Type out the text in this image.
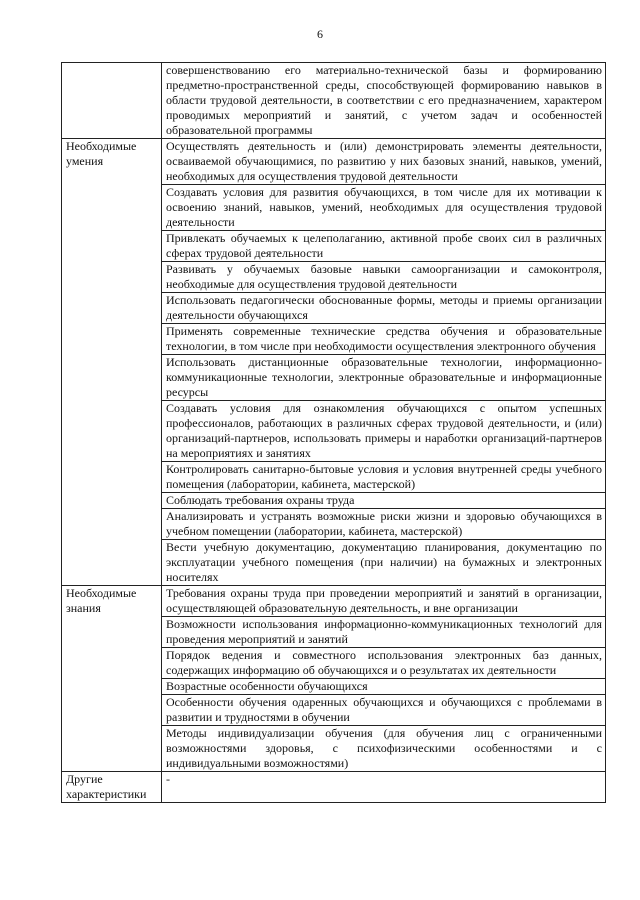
6

	совершенствованию его материально-технической базы и формированию предметно-пространственной среды, способствующей формированию навыков в области трудовой деятельности, в соответствии с его предназначением, характером проводимых мероприятий и занятий, с учетом задач и особенностей образовательной программы

Необходимые умения	Осуществлять деятельность и (или) демонстрировать элементы деятельности, осваиваемой обучающимися, по развитию у них базовых знаний, навыков, умений, необходимых для осуществления трудовой деятельности

	Создавать условия для развития обучающихся, в том числе для их мотивации к освоению знаний, навыков, умений, необходимых для осуществления трудовой деятельности

	Привлекать обучаемых к целеполаганию, активной пробе своих сил в различных сферах трудовой деятельности

	Развивать у обучаемых базовые навыки самоорганизации и самоконтроля, необходимые для осуществления трудовой деятельности

	Использовать педагогически обоснованные формы, методы и приемы организации деятельности обучающихся

	Применять современные технические средства обучения и образовательные технологии, в том числе при необходимости осуществления электронного обучения

	Использовать дистанционные образовательные технологии, информационно-коммуникационные технологии, электронные образовательные и информационные ресурсы

	Создавать условия для ознакомления обучающихся с опытом успешных профессионалов, работающих в различных сферах трудовой деятельности, и (или) организаций-партнеров, использовать примеры и наработки организаций-партнеров на мероприятиях и занятиях

	Контролировать санитарно-бытовые условия и условия внутренней среды учебного помещения (лаборатории, кабинета, мастерской)

	Соблюдать требования охраны труда

	Анализировать и устранять возможные риски жизни и здоровью обучающихся в учебном помещении (лаборатории, кабинета, мастерской)

	Вести учебную документацию, документацию планирования, документацию по эксплуатации учебного помещения (при наличии) на бумажных и электронных носителях

Необходимые знания	Требования охраны труда при проведении мероприятий и занятий в организации, осуществляющей образовательную деятельность, и вне организации

	Возможности использования информационно-коммуникационных технологий для проведения мероприятий и занятий

	Порядок ведения и совместного использования электронных баз данных, содержащих информацию об обучающихся и о результатах их деятельности

	Возрастные особенности обучающихся

	Особенности обучения одаренных обучающихся и обучающихся с проблемами в развитии и трудностями в обучении

	Методы индивидуализации обучения (для обучения лиц с ограниченными возможностями здоровья, с психофизическими особенностями и с индивидуальными возможностями)

Другие характеристики	-
